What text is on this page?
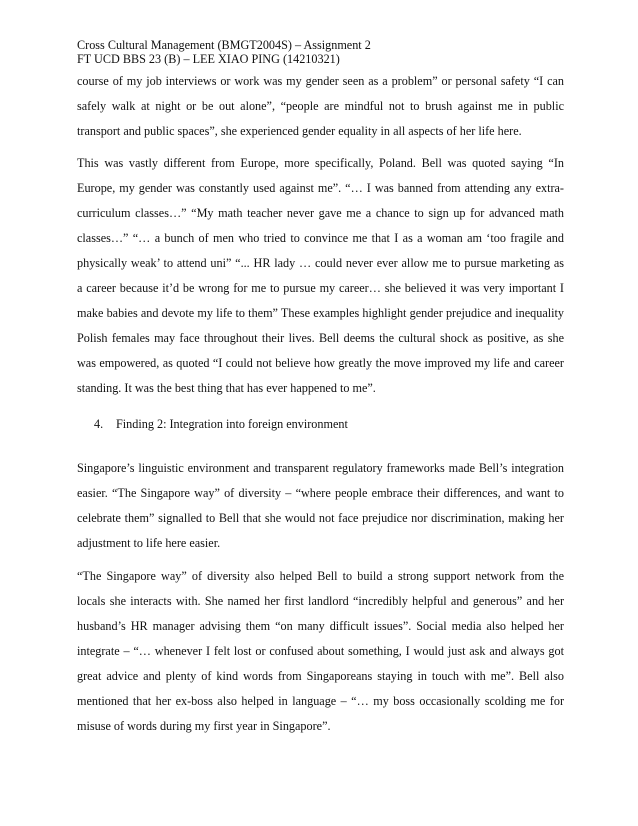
Cross Cultural Management (BMGT2004S) – Assignment 2
FT UCD BBS 23 (B) – LEE XIAO PING (14210321)
course of my job interviews or work was my gender seen as a problem” or personal safety “I can
safely walk at night or be out alone”, “people are mindful not to brush against me in public
transport and public spaces”, she experienced gender equality in all aspects of her life here.
This was vastly different from Europe, more specifically, Poland. Bell was quoted saying “In
Europe, my gender was constantly used against me”. “… I was banned from attending any extra-
curriculum classes…” “My math teacher never gave me a chance to sign up for advanced math
classes…” “… a bunch of men who tried to convince me that I as a woman am ‘too fragile and
physically weak’ to attend uni” “... HR lady … could never ever allow me to pursue marketing as
a career because it’d be wrong for me to pursue my career… she believed it was very important I
make babies and devote my life to them” These examples highlight gender prejudice and inequality
Polish females may face throughout their lives. Bell deems the cultural shock as positive, as she
was empowered, as quoted “I could not believe how greatly the move improved my life and career
standing. It was the best thing that has ever happened to me”.
4. Finding 2: Integration into foreign environment
Singapore’s linguistic environment and transparent regulatory frameworks made Bell’s integration
easier. “The Singapore way” of diversity – “where people embrace their differences, and want to
celebrate them” signalled to Bell that she would not face prejudice nor discrimination, making her
adjustment to life here easier.
“The Singapore way” of diversity also helped Bell to build a strong support network from the
locals she interacts with. She named her first landlord “incredibly helpful and generous” and her
husband’s HR manager advising them “on many difficult issues”. Social media also helped her
integrate – “… whenever I felt lost or confused about something, I would just ask and always got
great advice and plenty of kind words from Singaporeans staying in touch with me”. Bell also
mentioned that her ex-boss also helped in language – “… my boss occasionally scolding me for
misuse of words during my first year in Singapore”.
